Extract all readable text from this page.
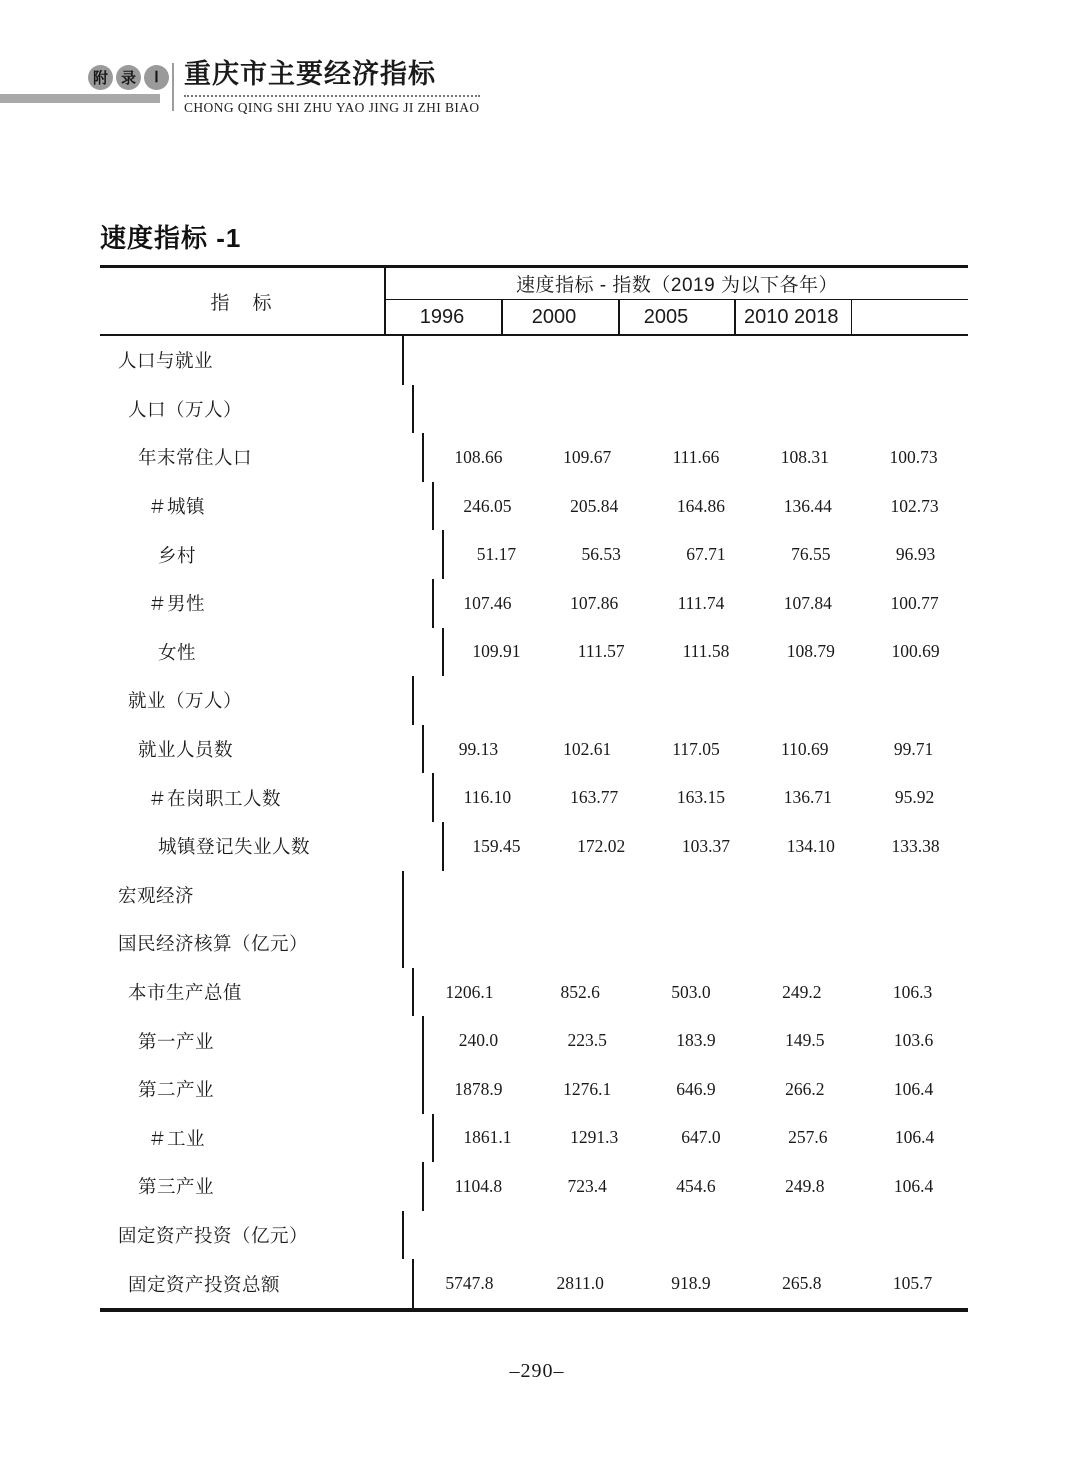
附 录	Ⅰ 重庆市主要经济指标
CHONG QING SHI ZHU YAO JING JI ZHI BIAO
速度指标 -1
指　标
速度指标 - 指数（2019 为以下各年）
1996	2000	2005	2010 2018
人口与就业
人口（万人）
年末常住人口	108.66	109.67	111.66	108.31	100.73
＃城镇	246.05	205.84	164.86	136.44	102.73
乡村	51.17	56.53	67.71	76.55	96.93
＃男性	107.46	107.86	111.74	107.84	100.77
女性	109.91	111.57	111.58	108.79	100.69
就业（万人）
就业人员数	99.13	102.61	117.05	110.69	99.71
＃在岗职工人数	116.10	163.77	163.15	136.71	95.92
城镇登记失业人数	159.45	172.02	103.37	134.10	133.38
宏观经济
国民经济核算（亿元）
本市生产总值	1206.1	852.6	503.0	249.2	106.3
第一产业	240.0	223.5	183.9	149.5	103.6
第二产业	1878.9	1276.1	646.9	266.2	106.4
＃工业	1861.1	1291.3	647.0	257.6	106.4
第三产业	1104.8	723.4	454.6	249.8	106.4
固定资产投资（亿元）
固定资产投资总额	5747.8	2811.0	918.9	265.8	105.7
–290–
